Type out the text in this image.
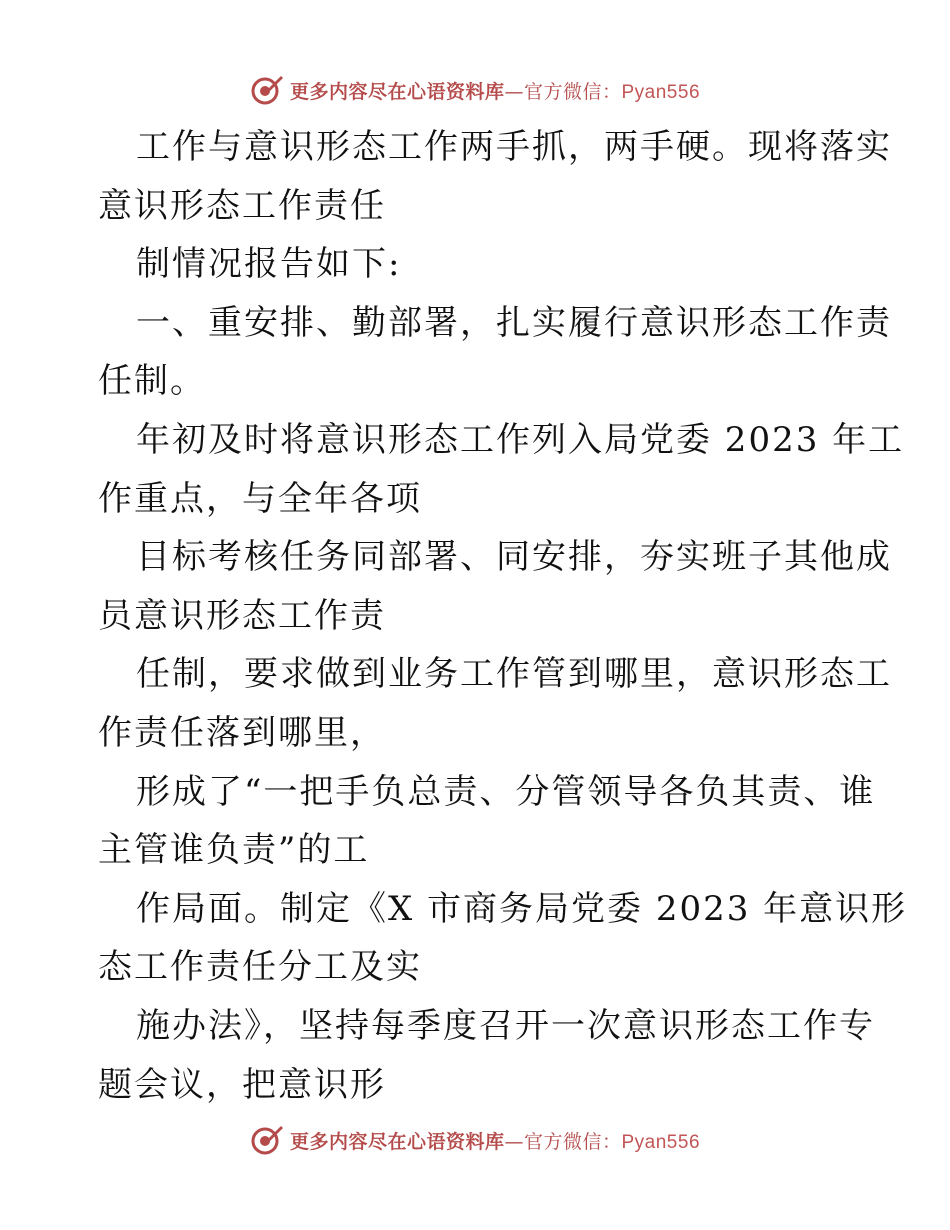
更多内容尽在心语资料库—官方微信：Pyan556
工作与意识形态工作两手抓，两手硬。现将落实
意识形态工作责任
制情况报告如下:
一、重安排、勤部署，扎实履行意识形态工作责
任制。
年初及时将意识形态工作列入局党委 2023 年工
作重点，与全年各项
目标考核任务同部署、同安排，夯实班子其他成
员意识形态工作责
任制，要求做到业务工作管到哪里，意识形态工
作责任落到哪里，
形成了“一把手负总责、分管领导各负其责、谁
主管谁负责”的工
作局面。制定《X 市商务局党委 2023 年意识形
态工作责任分工及实
施办法》，坚持每季度召开一次意识形态工作专
题会议，把意识形
更多内容尽在心语资料库—官方微信：Pyan556
